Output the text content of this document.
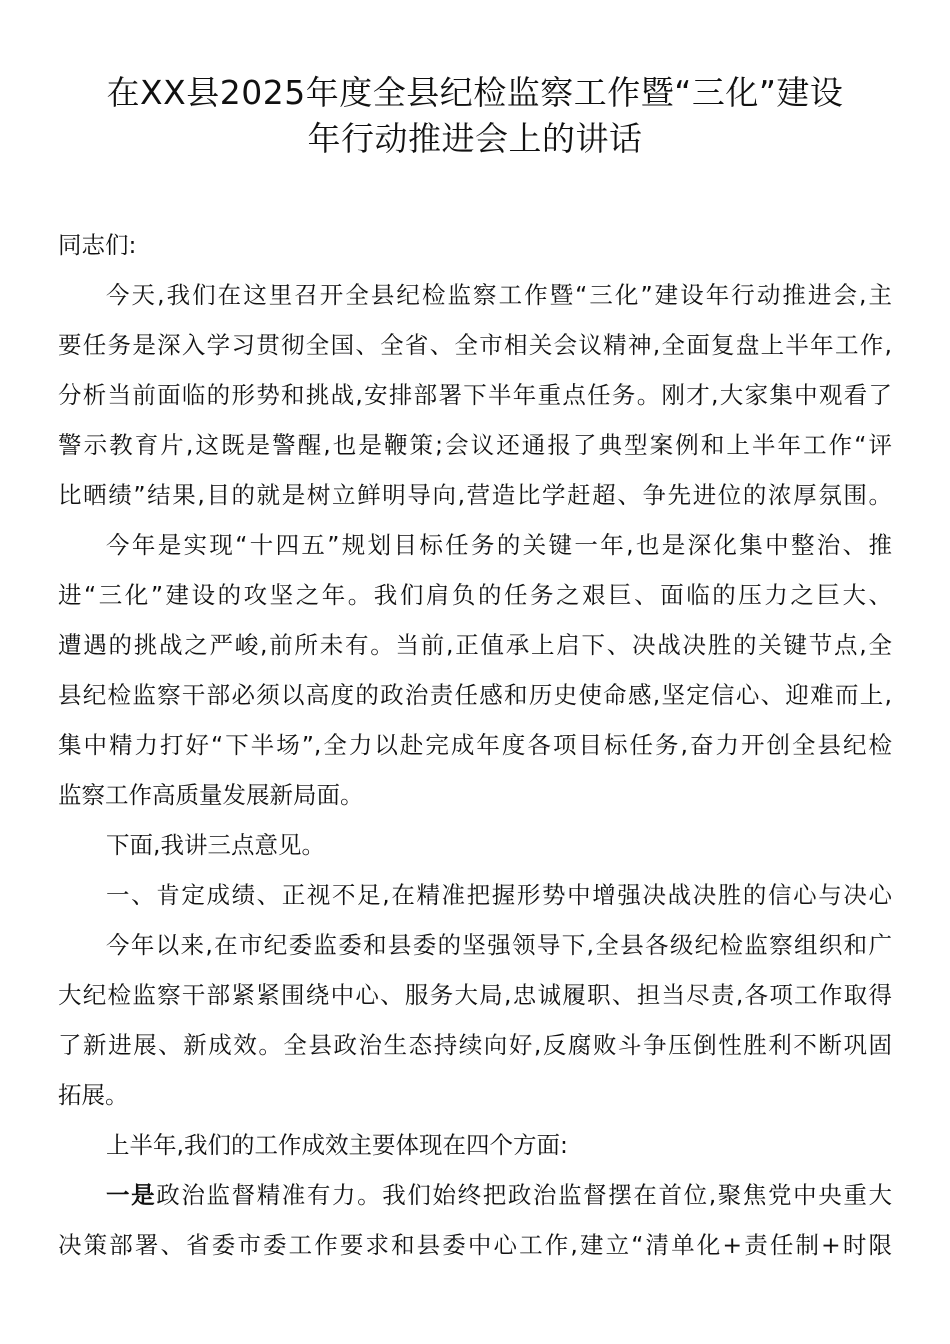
在XX县2025年度全县纪检监察工作暨“三化”建设
年行动推进会上的讲话
同志们:
今天,我们在这里召开全县纪检监察工作暨“三化”建设年行动推进会,主
要任务是深入学习贯彻全国、全省、全市相关会议精神,全面复盘上半年工作,
分析当前面临的形势和挑战,安排部署下半年重点任务。刚才,大家集中观看了
警示教育片,这既是警醒,也是鞭策;会议还通报了典型案例和上半年工作“评
比晒绩”结果,目的就是树立鲜明导向,营造比学赶超、争先进位的浓厚氛围。
今年是实现“十四五”规划目标任务的关键一年,也是深化集中整治、推
进“三化”建设的攻坚之年。我们肩负的任务之艰巨、面临的压力之巨大、
遭遇的挑战之严峻,前所未有。当前,正值承上启下、决战决胜的关键节点,全
县纪检监察干部必须以高度的政治责任感和历史使命感,坚定信心、迎难而上,
集中精力打好“下半场”,全力以赴完成年度各项目标任务,奋力开创全县纪检
监察工作高质量发展新局面。
下面,我讲三点意见。
一、肯定成绩、正视不足,在精准把握形势中增强决战决胜的信心与决心
今年以来,在市纪委监委和县委的坚强领导下,全县各级纪检监察组织和广
大纪检监察干部紧紧围绕中心、服务大局,忠诚履职、担当尽责,各项工作取得
了新进展、新成效。全县政治生态持续向好,反腐败斗争压倒性胜利不断巩固
拓展。
上半年,我们的工作成效主要体现在四个方面:
一是政治监督精准有力。我们始终把政治监督摆在首位,聚焦党中央重大
决策部署、省委市委工作要求和县委中心工作,建立“清单化+责任制+时限
